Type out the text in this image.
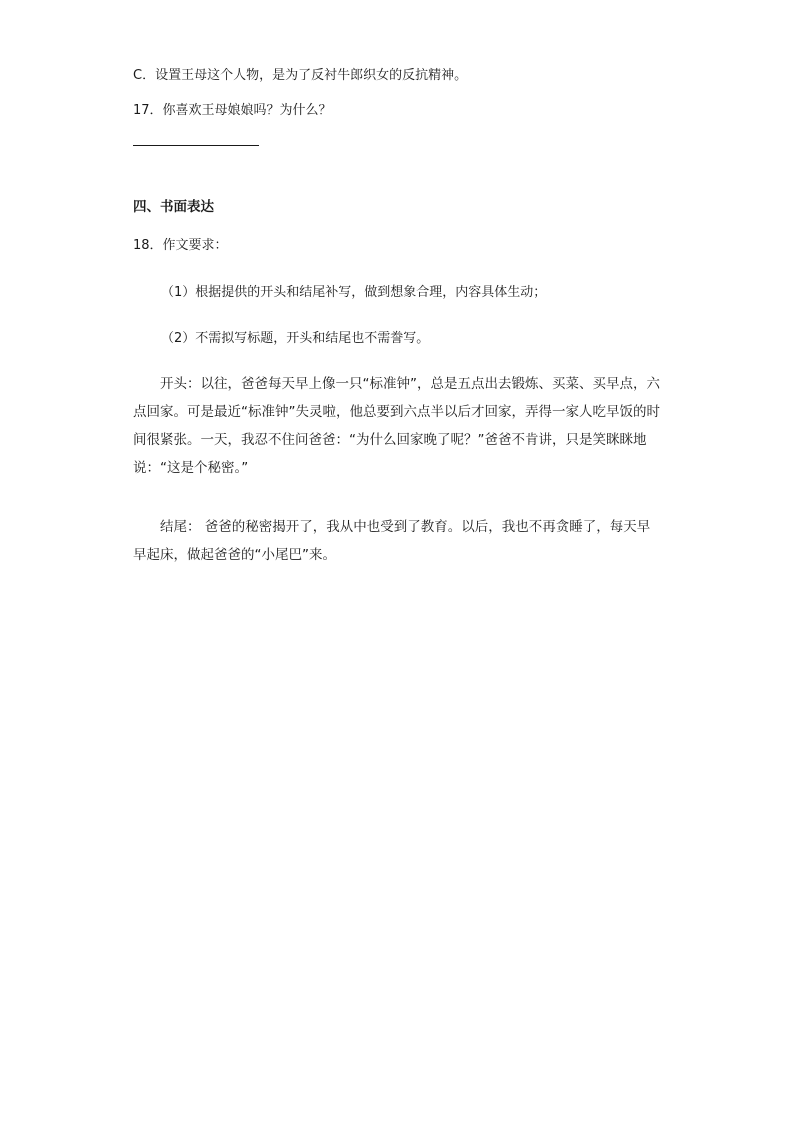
C．设置王母这个人物，是为了反衬牛郎织女的反抗精神。
17．你喜欢王母娘娘吗？为什么？
四、书面表达
18．作文要求：
（1）根据提供的开头和结尾补写，做到想象合理，内容具体生动；
（2）不需拟写标题，开头和结尾也不需誊写。
开头：以往，爸爸每天早上像一只“标准钟”，总是五点出去锻炼、买菜、买早点，六点回家。可是最近“标准钟”失灵啦，他总要到六点半以后才回家，弄得一家人吃早饭的时间很紧张。一天，我忍不住问爸爸：“为什么回家晚了呢？”爸爸不肯讲，只是笑眯眯地说：“这是个秘密。”
结尾： 爸爸的秘密揭开了，我从中也受到了教育。以后，我也不再贪睡了，每天早早起床，做起爸爸的“小尾巴”来。
